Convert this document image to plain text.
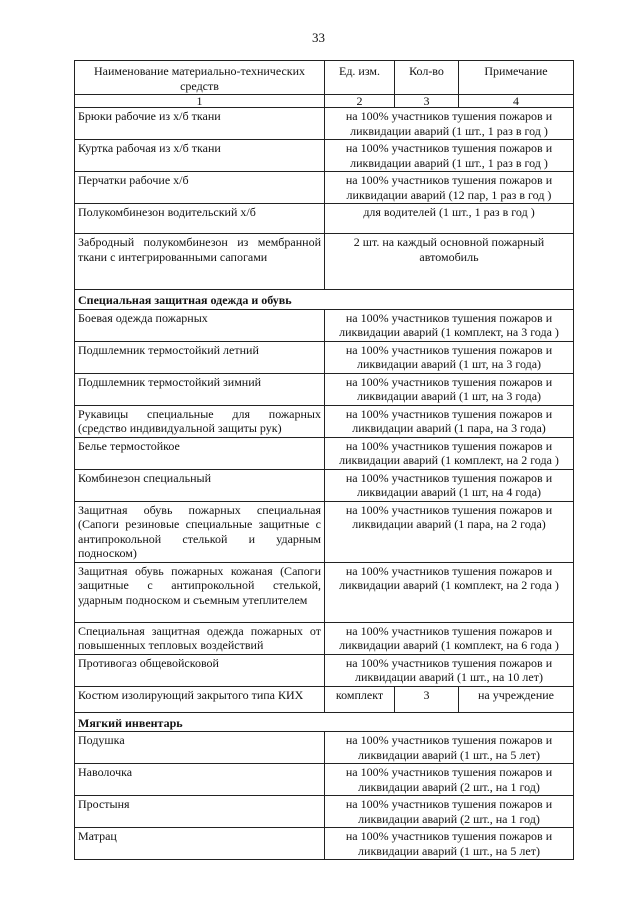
33
Наименование материально-технических средств	Ед. изм.	Кол-во	Примечание
1	2	3	4
Брюки рабочие из х/б ткани	на 100% участников тушения пожаров и ликвидации аварий (1 шт., 1 раз в год )		
Куртка рабочая из х/б ткани	на 100% участников тушения пожаров и ликвидации аварий (1 шт., 1 раз в год )		
Перчатки рабочие х/б	на 100% участников тушения пожаров и ликвидации аварий (12 пар, 1 раз в год )		
Полукомбинезон водительский х/б	для водителей (1 шт., 1 раз в год )		
Забродный полукомбинезон из мембранной ткани с интегрированными сапогами	2 шт. на каждый основной пожарный автомобиль		
Специальная защитная одежда и обувь			
Боевая одежда пожарных	на 100% участников тушения пожаров и ликвидации аварий (1 комплект, на 3 года )		
Подшлемник термостойкий летний	на 100% участников тушения пожаров и ликвидации аварий (1 шт, на 3 года)		
Подшлемник термостойкий зимний	на 100% участников тушения пожаров и ликвидации аварий (1 шт, на 3 года)		
Рукавицы специальные для пожарных (средство индивидуальной защиты рук)	на 100% участников тушения пожаров и ликвидации аварий (1 пара, на 3 года)		
Белье термостойкое	на 100% участников тушения пожаров и ликвидации аварий (1 комплект, на 2 года )		
Комбинезон специальный	на 100% участников тушения пожаров и ликвидации аварий (1 шт, на 4 года)		
Защитная обувь пожарных специальная (Сапоги резиновые специальные защитные с антипрокольной стелькой и ударным подноском)	на 100% участников тушения пожаров и ликвидации аварий (1 пара, на 2 года)		
Защитная обувь пожарных кожаная (Сапоги защитные с антипрокольной стелькой, ударным подноском и съемным утеплителем	на 100% участников тушения пожаров и ликвидации аварий (1 комплект, на 2 года )		
Специальная защитная одежда пожарных от повышенных тепловых воздействий	на 100% участников тушения пожаров и ликвидации аварий (1 комплект, на 6 года )		
Противогаз общевойсковой	на 100% участников тушения пожаров и ликвидации аварий (1 шт., на 10 лет)		
Костюм изолирующий закрытого типа КИХ	комплект	3	на учреждение
Мягкий инвентарь			
Подушка	на 100% участников тушения пожаров и ликвидации аварий (1 шт., на 5 лет)		
Наволочка	на 100% участников тушения пожаров и ликвидации аварий (2 шт., на 1 год)		
Простыня	на 100% участников тушения пожаров и ликвидации аварий (2 шт., на 1 год)		
Матрац	на 100% участников тушения пожаров и ликвидации аварий (1 шт., на 5 лет)		
